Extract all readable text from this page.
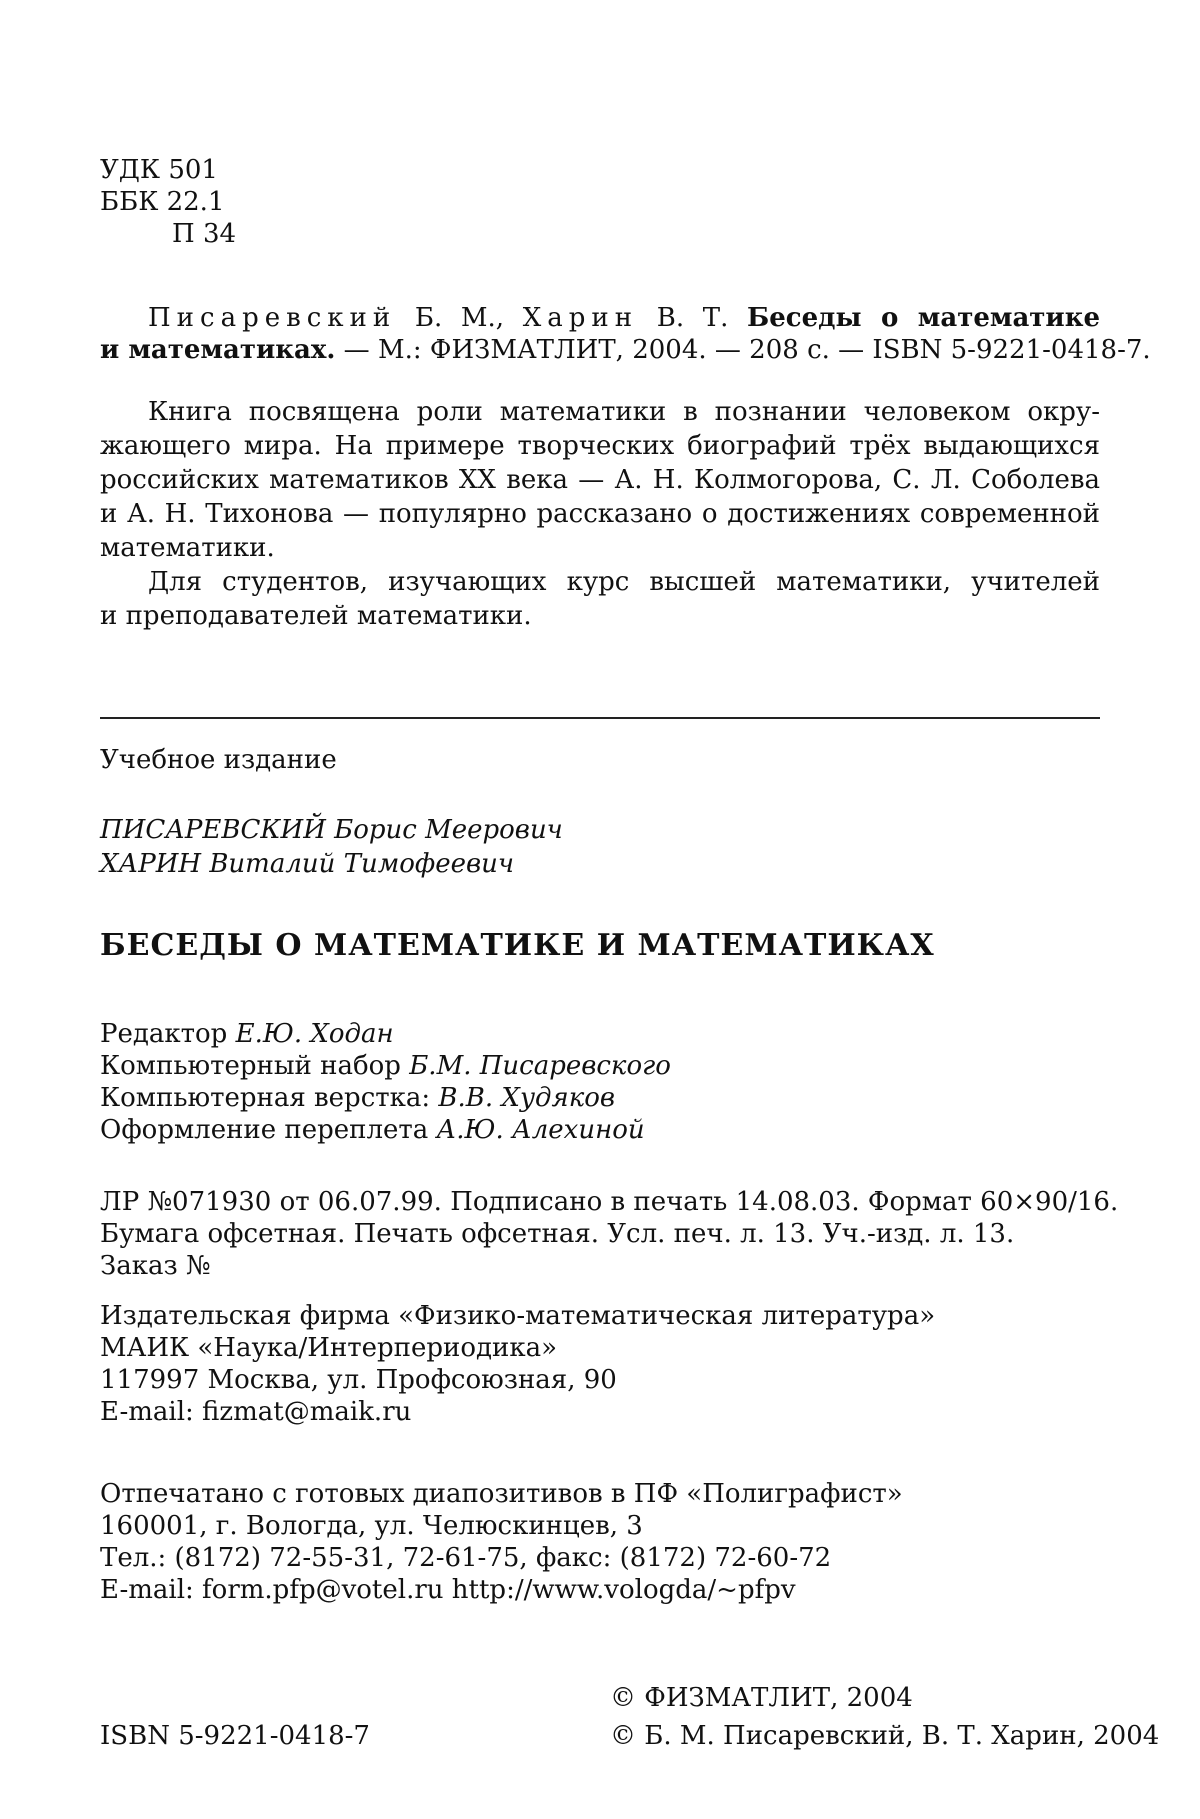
УДК 501
ББК 22.1
П 34
Писаревский Б. М., Харин В. Т. Беседы о математике
и математиках. — М.: ФИЗМАТЛИТ, 2004. — 208 с. — ISBN 5-9221-0418-7.
Книга посвящена роли математики в познании человеком окру-
жающего мира. На примере творческих биографий трёх выдающихся
российских математиков XX века — А. Н. Колмогорова, С. Л. Соболева
и А. Н. Тихонова — популярно рассказано о достижениях современной
математики.
Для студентов, изучающих курс высшей математики, учителей
и преподавателей математики.
Учебное издание
ПИСАРЕВСКИЙ Борис Меерович
ХАРИН Виталий Тимофеевич
БЕСЕДЫ О МАТЕМАТИКЕ И МАТЕМАТИКАХ
Редактор Е.Ю. Ходан
Компьютерный набор Б.М. Писаревского
Компьютерная верстка: В.В. Худяков
Оформление переплета А.Ю. Алехиной
ЛР №071930 от 06.07.99. Подписано в печать 14.08.03. Формат 60×90/16.
Бумага офсетная. Печать офсетная. Усл. печ. л. 13. Уч.-изд. л. 13.
Заказ №
Издательская фирма «Физико-математическая литература»
МАИК «Наука/Интерпериодика»
117997 Москва, ул. Профсоюзная, 90
E-mail: fizmat@maik.ru
Отпечатано с готовых диапозитивов в ПФ «Полиграфист»
160001, г. Вологда, ул. Челюскинцев, 3
Тел.: (8172) 72-55-31, 72-61-75, факс: (8172) 72-60-72
E-mail: form.pfp@votel.ru http://www.vologda/~pfpv
© ФИЗМАТЛИТ, 2004
ISBN 5-9221-0418-7	© Б. М. Писаревский, В. Т. Харин, 2004
